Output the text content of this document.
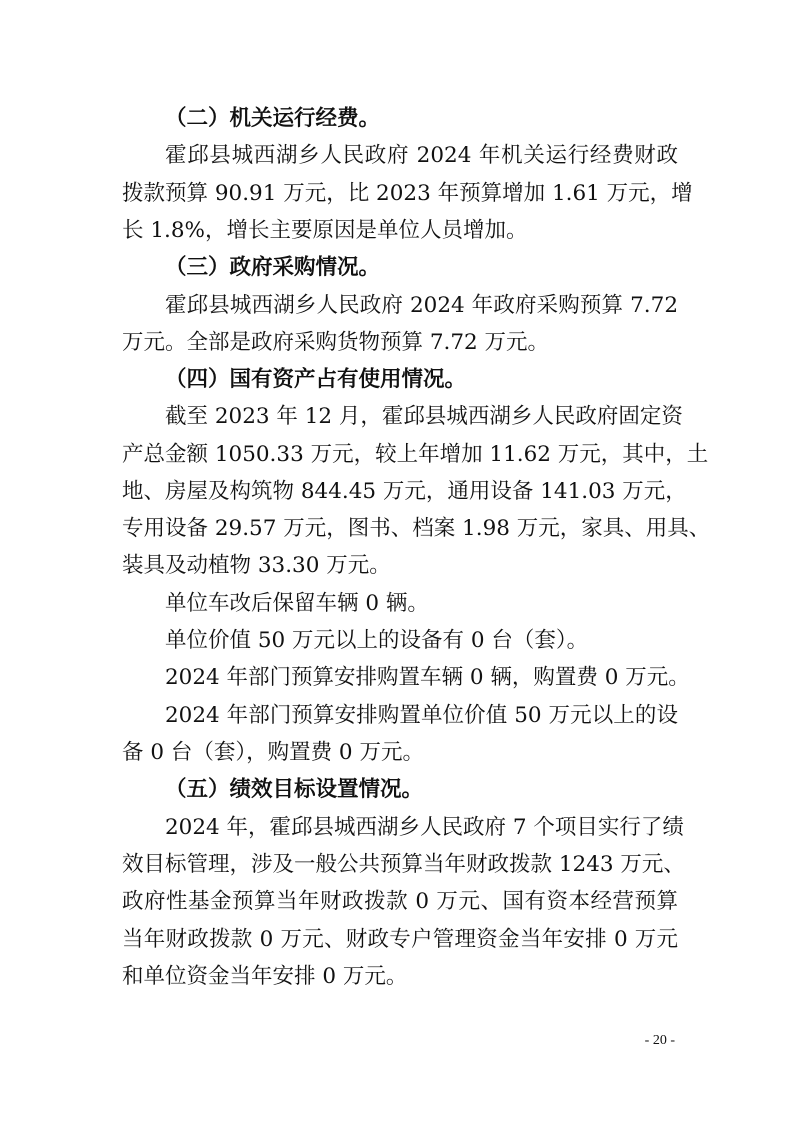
（二）机关运行经费。
霍邱县城西湖乡人民政府 2024 年机关运行经费财政
拨款预算 90.91 万元，比 2023 年预算增加 1.61 万元，增
长 1.8%，增长主要原因是单位人员增加。
（三）政府采购情况。
霍邱县城西湖乡人民政府 2024 年政府采购预算 7.72
万元。全部是政府采购货物预算 7.72 万元。
（四）国有资产占有使用情况。
截至 2023 年 12 月，霍邱县城西湖乡人民政府固定资
产总金额 1050.33 万元，较上年增加 11.62 万元，其中，土
地、房屋及构筑物 844.45 万元，通用设备 141.03 万元，
专用设备 29.57 万元，图书、档案 1.98 万元，家具、用具、
装具及动植物 33.30 万元。
单位车改后保留车辆 0 辆。
单位价值 50 万元以上的设备有 0 台（套）。
2024 年部门预算安排购置车辆 0 辆，购置费 0 万元。
2024 年部门预算安排购置单位价值 50 万元以上的设
备 0 台（套），购置费 0 万元。
（五）绩效目标设置情况。
2024 年，霍邱县城西湖乡人民政府 7 个项目实行了绩
效目标管理，涉及一般公共预算当年财政拨款 1243 万元、
政府性基金预算当年财政拨款 0 万元、国有资本经营预算
当年财政拨款 0 万元、财政专户管理资金当年安排 0 万元
和单位资金当年安排 0 万元。
- 20 -
